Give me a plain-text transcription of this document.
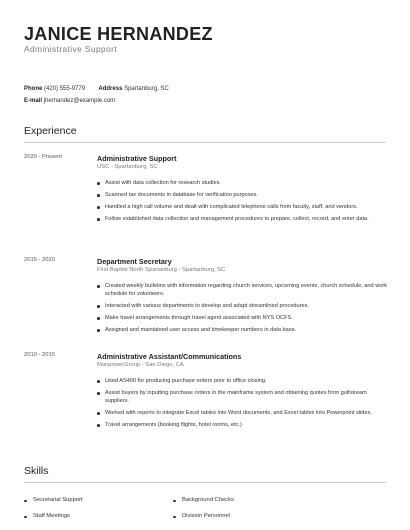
JANICE HERNANDEZ
Administrative Support
Phone (420) 555-9779 Address Spartanburg, SC
E-mail jhernandez@example.com
Experience
2020 - Present	Administrative Support
USC - Spartanburg, SC
Assist with data collection for research studies.
Scanned tax documents in database for verification purposes.
Handled a high call volume and dealt with complicated telephone calls from faculty, staff, and vendors.
Follow established data collection and management procedures to prepare, collect, record, and enter data.
2015 - 2020	Department Secretary
First Baptist North Spartanburg - Spartanburg, SC
Created weekly bulletins with information regarding church services, upcoming events, church schedule, and work schedule for volunteers.
Interacted with various departments to develop and adapt streamlined procedures.
Make travel arrangements through travel agent associated with NYS OCFS.
Assigned and maintained user access and timekeeper numbers in data base.
2010 - 2015	Administrative Assistant/Communications
ManpowerGroup - San Diego, CA
Used AS400 for producing purchase orders prior to office closing.
Assist buyers by inputting purchase orders in the mainframe system and obtaining quotes from gulfstream suppliers.
Worked with reports to integrate Excel tables into Word documents, and Excel tables into Powerpoint slides.
Travel arrangements (booking flights, hotel rooms, etc.)
Skills
Secretarial Support	Background Checks
Staff Meetings	Division Personnel
